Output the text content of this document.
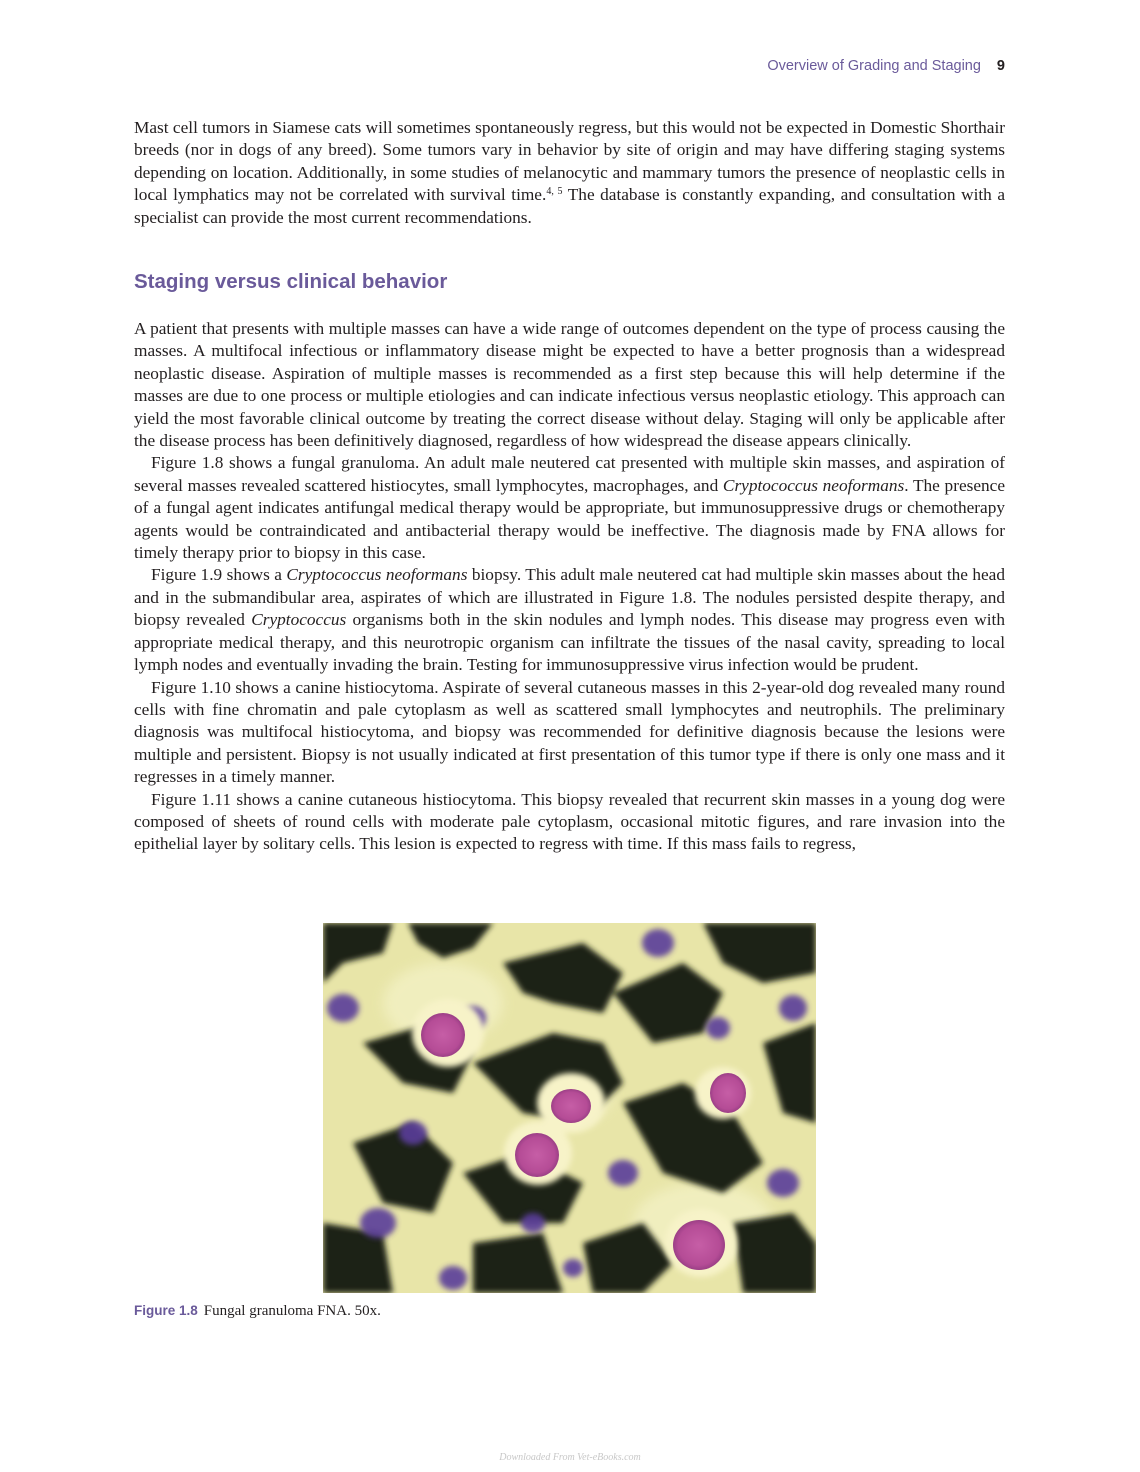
Overview of Grading and Staging 9

Mast cell tumors in Siamese cats will sometimes spontaneously regress, but this would not be expected in Domestic Shorthair breeds (nor in dogs of any breed). Some tumors vary in behavior by site of origin and may have differing staging systems depending on location. Additionally, in some studies of melanocytic and mammary tumors the presence of neoplastic cells in local lymphatics may not be correlated with survival time.$^{4, 5}$ The database is constantly expanding, and consultation with a specialist can provide the most current recommendations.

Staging versus clinical behavior

A patient that presents with multiple masses can have a wide range of outcomes dependent on the type of process causing the masses. A multifocal infectious or inflammatory disease might be expected to have a better prognosis than a widespread neoplastic disease. Aspiration of multiple masses is recommended as a first step because this will help determine if the masses are due to one process or multiple etiologies and can indicate infectious versus neoplastic etiology. This approach can yield the most favorable clinical outcome by treating the correct disease without delay. Staging will only be applicable after the disease process has been definitively diagnosed, regardless of how widespread the disease appears clinically.

Figure 1.8 shows a fungal granuloma. An adult male neutered cat presented with multiple skin masses, and aspiration of several masses revealed scattered histiocytes, small lymphocytes, macrophages, and Cryptococcus neoformans. The presence of a fungal agent indicates antifungal medical therapy would be appropriate, but immunosuppressive drugs or chemotherapy agents would be contraindicated and antibacterial therapy would be ineffective. The diagnosis made by FNA allows for timely therapy prior to biopsy in this case.

Figure 1.9 shows a Cryptococcus neoformans biopsy. This adult male neutered cat had multiple skin masses about the head and in the submandibular area, aspirates of which are illustrated in Figure 1.8. The nodules persisted despite therapy, and biopsy revealed Cryptococcus organisms both in the skin nodules and lymph nodes. This disease may progress even with appropriate medical therapy, and this neurotropic organism can infiltrate the tissues of the nasal cavity, spreading to local lymph nodes and eventually invading the brain. Testing for immunosuppressive virus infection would be prudent.

Figure 1.10 shows a canine histiocytoma. Aspirate of several cutaneous masses in this 2-year-old dog revealed many round cells with fine chromatin and pale cytoplasm as well as scattered small lymphocytes and neutrophils. The preliminary diagnosis was multifocal histiocytoma, and biopsy was recommended for definitive diagnosis because the lesions were multiple and persistent. Biopsy is not usually indicated at first presentation of this tumor type if there is only one mass and it regresses in a timely manner.

Figure 1.11 shows a canine cutaneous histiocytoma. This biopsy revealed that recurrent skin masses in a young dog were composed of sheets of round cells with moderate pale cytoplasm, occasional mitotic figures, and rare invasion into the epithelial layer by solitary cells. This lesion is expected to regress with time. If this mass fails to regress,

Figure 1.8 Fungal granuloma FNA. 50x.
Downloaded From Vet-eBooks.com
